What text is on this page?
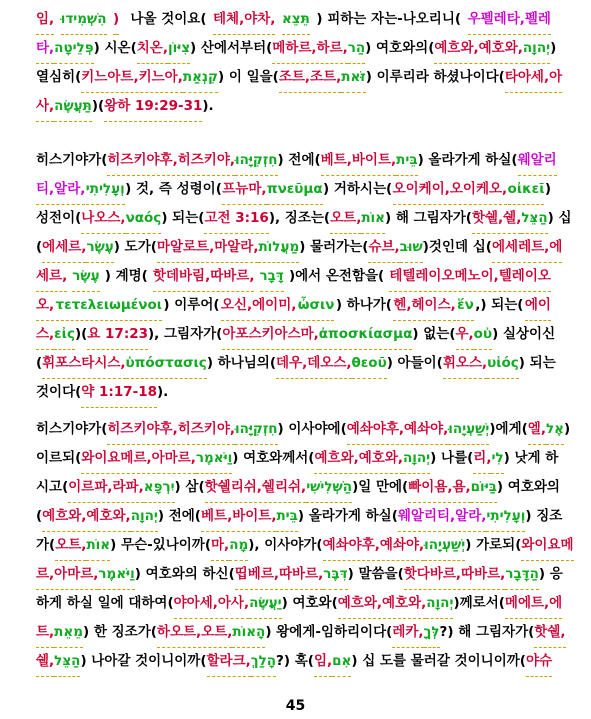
임, הִשְׁמִידוּ ) 나올 것이요( 테체,야차, תֵּצֵא ) 피하는 자는-나오리니( 우펠레타,펠레
타, פְּלֵיטָה ) 시온( 치온, צִיּוֹן ) 산에서부터( 메하르,하르, הַר ) 여호와의( 예흐와,예호와, יְהוָה )
열심히( 키느아트,키느아, קִנְאַת ) 이 일을( 조트,조트, זֹּאת ) 이루리라 하셨나이다( 타아세,아
사, תַּעֲשֶׂה )( 왕하 19:29-31 ).
히스기야가( 히즈키야후,히즈키야, חִזְקִיָּהוּ ) 전에( 베트,바이트, בֵּית ) 올라가게 하실( 웨알리
티,알라, וְעָלִיתִי ) 것, 즉 성령이( 프뉴마, πνεῦμα ) 거하시는( 오이케이,오이케오, οἰκεῖ )
성전이( 나오스, ναός ) 되는( 고전 3:16 ), 징조는( 오트, אוֹת ) 해 그림자가( 핫쉘,쉘, הַצֵּל ) 십
( 에세르, עֶשֶׂר ) 도가( 마알로트,마알라, מַעֲלוֹת ) 물러가는( 슈브, שׁוּב )것인데 십( 에세레트,에
세르, עֶשֶׂר ) 계명( 핫데바림,따바르, דָּבָר )에서 온전함을( 테텔레이오메노이,텔레이오
오, τετελειωμένοι ) 이루어( 오신,에이미, ὦσιν ) 하나가( 헨,헤이스, ἕν ,) 되는( 에이
스, εἰς )( 요 17:23 ), 그림자가( 아포스키아스마, ἀποσκίασμα ) 없는( 우, οὐ ) 실상이신
( 휘포스타시스, ὑπόστασις ) 하나님의( 데우,데오스, θεοῦ ) 아들이( 휘오스, υἱός ) 되는
것이다( 약 1:17-18 ).
히스기야가( 히즈키야후,히즈키야, חִזְקִיָּהוּ ) 이사야에( 예솨야후,예솨야, יְשַׁעְיָהוּ )에게( 엘, אֶל )
이르되( 와이요메르,아마르, וַיֹּאמֶר ) 여호와께서( 예흐와,예호와, יְהוָה ) 나를( 리, לִי ) 낫게 하
시고( 이르파,라파, יִרְפָּא ) 삼( 핫쉘리쉬,쉘리쉬, הַשְּׁלִישִׁי )일 만에( 빠이욤,욤, בַּיּוֹם ) 여호와의
( 예흐와,예호와, יְהוָה ) 전에( 베트,바이트, בֵּית ) 올라가게 하실( 웨알리티,알라, וְעָלִיתִי ) 징조
가( 오트, אוֹת ) 무슨-있나이까( 마, מָה ), 이사야가( 예솨야후,예솨야, יְשַׁעְיָהוּ ) 가로되( 와이요메
르,아마르, וַיֹּאמֶר ) 여호와의 하신( 띱베르,따바르, דִּבֶּר ) 말씀을( 핫다바르,따바르, הַדָּבָר ) 응
하게 하실 일에 대하여( 야아세,아사, יַעֲשֶׂה ) 여호와( 예흐와,예호와, יְהוָה )께로서( 메에트,에
트, מֵאֵת ) 한 징조가( 하오트,오트, הָאוֹת ) 왕에게-임하리이다( 레카, לְּךָ ?) 해 그림자가( 핫쉘,
쉘, הַצֵּל ) 나아갈 것이니이까( 할라크, הָלַךְ ?) 혹( 임, אִם ) 십 도를 물러갈 것이니이까( 야슈
45
